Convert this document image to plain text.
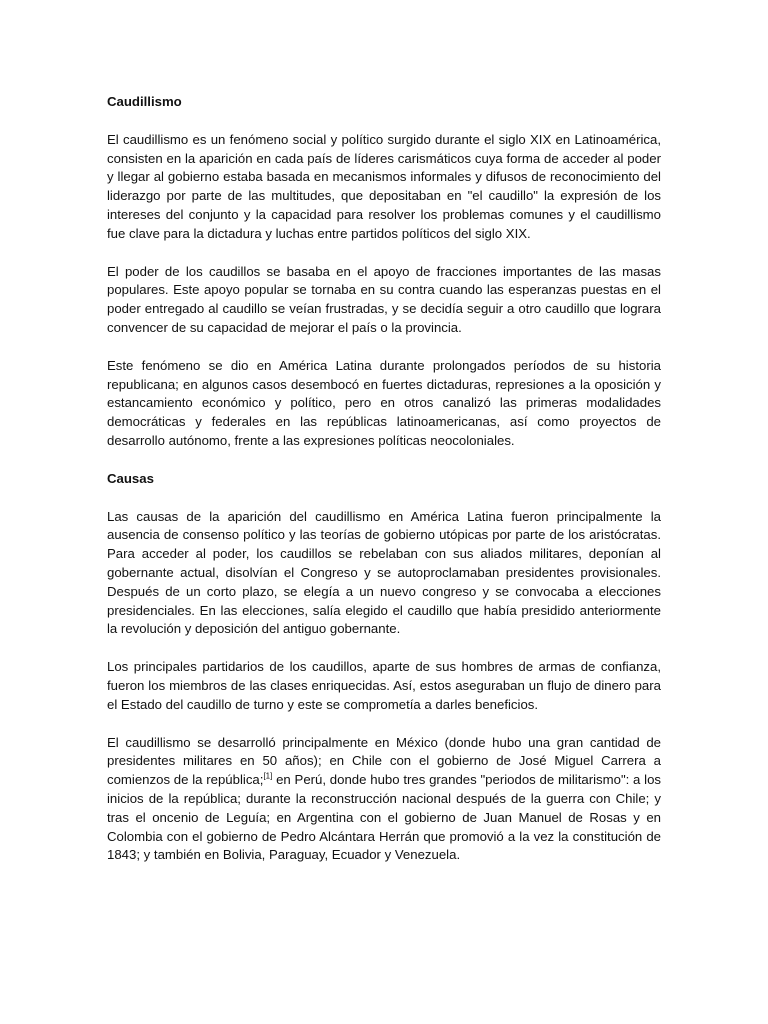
Caudillismo

El caudillismo es un fenómeno social y político surgido durante el siglo XIX en Latinoamérica, consisten en la aparición en cada país de líderes carismáticos cuya forma de acceder al poder y llegar al gobierno estaba basada en mecanismos informales y difusos de reconocimiento del liderazgo por parte de las multitudes, que depositaban en "el caudillo" la expresión de los intereses del conjunto y la capacidad para resolver los problemas comunes y el caudillismo fue clave para la dictadura y luchas entre partidos políticos del siglo XIX.

El poder de los caudillos se basaba en el apoyo de fracciones importantes de las masas populares. Este apoyo popular se tornaba en su contra cuando las esperanzas puestas en el poder entregado al caudillo se veían frustradas, y se decidía seguir a otro caudillo que lograra convencer de su capacidad de mejorar el país o la provincia.

Este fenómeno se dio en América Latina durante prolongados períodos de su historia republicana; en algunos casos desembocó en fuertes dictaduras, represiones a la oposición y estancamiento económico y político, pero en otros canalizó las primeras modalidades democráticas y federales en las repúblicas latinoamericanas, así como proyectos de desarrollo autónomo, frente a las expresiones políticas neocoloniales.

Causas

Las causas de la aparición del caudillismo en América Latina fueron principalmente la ausencia de consenso político y las teorías de gobierno utópicas por parte de los aristócratas. Para acceder al poder, los caudillos se rebelaban con sus aliados militares, deponían al gobernante actual, disolvían el Congreso y se autoproclamaban presidentes provisionales. Después de un corto plazo, se elegía a un nuevo congreso y se convocaba a elecciones presidenciales. En las elecciones, salía elegido el caudillo que había presidido anteriormente la revolución y deposición del antiguo gobernante.

Los principales partidarios de los caudillos, aparte de sus hombres de armas de confianza, fueron los miembros de las clases enriquecidas. Así, estos aseguraban un flujo de dinero para el Estado del caudillo de turno y este se comprometía a darles beneficios.

El caudillismo se desarrolló principalmente en México (donde hubo una gran cantidad de presidentes militares en 50 años); en Chile con el gobierno de José Miguel Carrera a comienzos de la república;[1] en Perú, donde hubo tres grandes "periodos de militarismo": a los inicios de la república; durante la reconstrucción nacional después de la guerra con Chile; y tras el oncenio de Leguía; en Argentina con el gobierno de Juan Manuel de Rosas y en Colombia con el gobierno de Pedro Alcántara Herrán que promovió a la vez la constitución de 1843; y también en Bolivia, Paraguay, Ecuador y Venezuela.
